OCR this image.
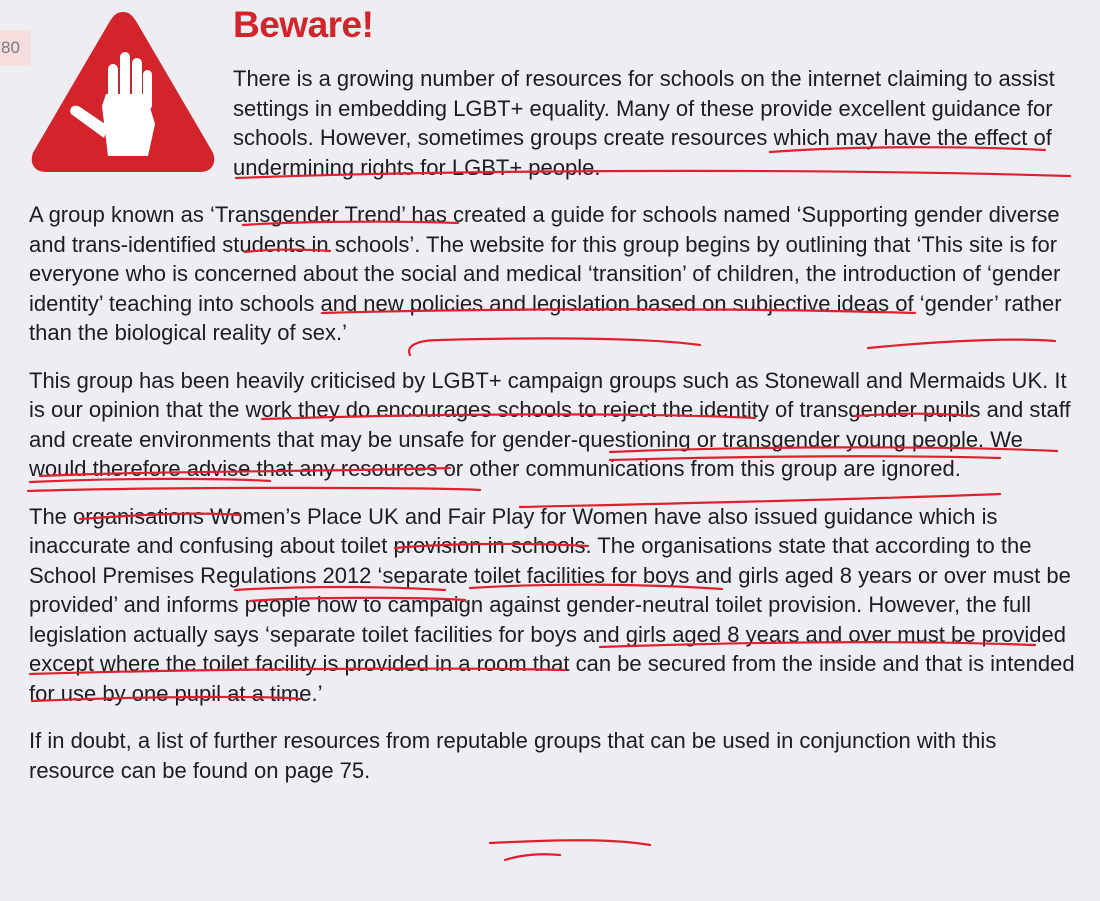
80
Beware!

There is a growing number of resources for schools on the internet claiming to assist settings in embedding LGBT+ equality. Many of these provide excellent guidance for schools. However, sometimes groups create resources which may have the effect of undermining rights for LGBT+ people.

A group known as ‘Transgender Trend’ has created a guide for schools named ‘Supporting gender diverse and trans-identified students in schools’. The website for this group begins by outlining that ‘This site is for everyone who is concerned about the social and medical ‘transition’ of children, the introduction of ‘gender identity’ teaching into schools and new policies and legislation based on subjective ideas of ‘gender’ rather than the biological reality of sex.’

This group has been heavily criticised by LGBT+ campaign groups such as Stonewall and Mermaids UK. It is our opinion that the work they do encourages schools to reject the identity of transgender pupils and staff and create environments that may be unsafe for gender-questioning or transgender young people. We would therefore advise that any resources or other communications from this group are ignored.

The organisations Women’s Place UK and Fair Play for Women have also issued guidance which is inaccurate and confusing about toilet provision in schools. The organisations state that according to the School Premises Regulations 2012 ‘separate toilet facilities for boys and girls aged 8 years or over must be provided’ and informs people how to campaign against gender-neutral toilet provision. However, the full legislation actually says ‘separate toilet facilities for boys and girls aged 8 years and over must be provided except where the toilet facility is provided in a room that can be secured from the inside and that is intended for use by one pupil at a time.’

If in doubt, a list of further resources from reputable groups that can be used in conjunction with this resource can be found on page 75.
